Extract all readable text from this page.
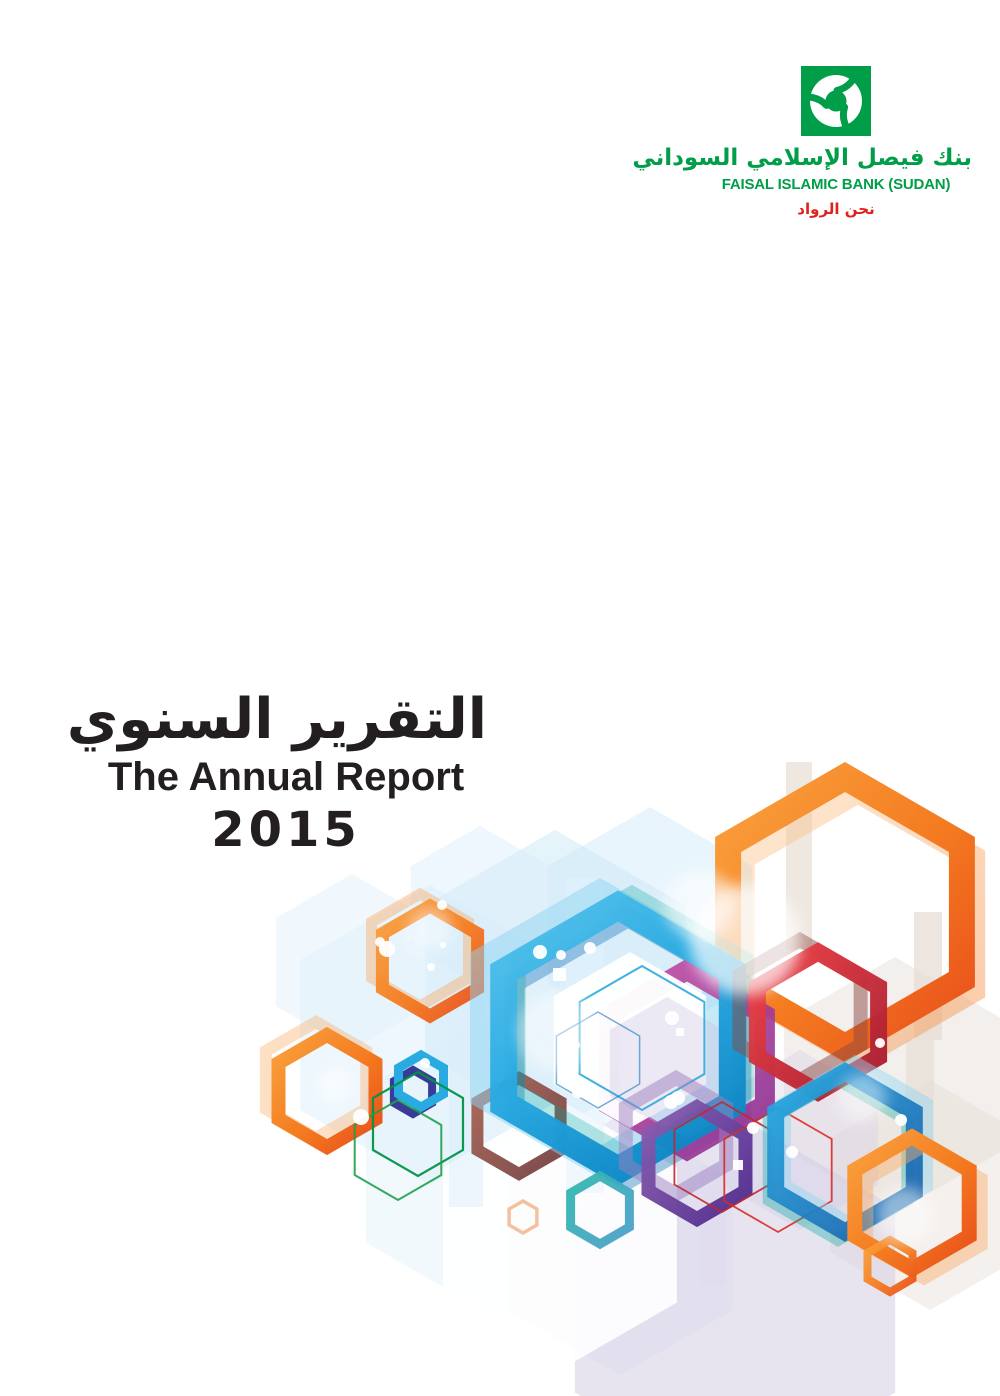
بنك فيصل الإسلامي السوداني
FAISAL ISLAMIC BANK (SUDAN)
نحن الرواد
التقرير السنوي
The Annual Report
2015
